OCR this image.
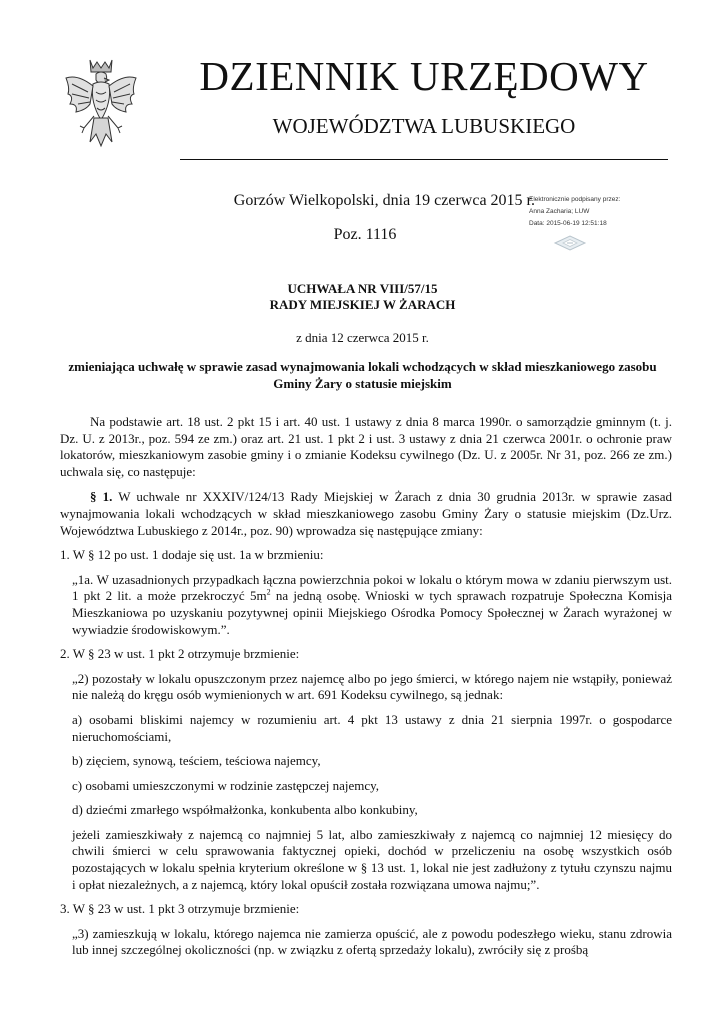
DZIENNIK URZĘDOWY
WOJEWÓDZTWA LUBUSKIEGO
Gorzów Wielkopolski, dnia 19 czerwca 2015 r.
Elektronicznie podpisany przez:
Anna Zacharia; LUW
Data: 2015-06-19 12:51:18
Poz. 1116
UCHWAŁA NR VIII/57/15
RADY MIEJSKIEJ W ŻARACH
z dnia 12 czerwca 2015 r.
zmieniająca uchwałę w sprawie zasad wynajmowania lokali wchodzących w skład mieszkaniowego zasobu
Gminy Żary o statusie miejskim

Na podstawie art. 18 ust. 2 pkt 15 i art. 40 ust. 1 ustawy z dnia 8 marca 1990r. o samorządzie gminnym (t. j. Dz. U. z 2013r., poz. 594 ze zm.) oraz art. 21 ust. 1 pkt 2 i ust. 3 ustawy z dnia 21 czerwca 2001r. o ochronie praw lokatorów, mieszkaniowym zasobie gminy i o zmianie Kodeksu cywilnego (Dz. U. z 2005r. Nr 31, poz. 266 ze zm.) uchwala się, co następuje:

§ 1. W uchwale nr XXXIV/124/13 Rady Miejskiej w Żarach z dnia 30 grudnia 2013r. w sprawie zasad wynajmowania lokali wchodzących w skład mieszkaniowego zasobu Gminy Żary o statusie miejskim (Dz.Urz. Województwa Lubuskiego z 2014r., poz. 90) wprowadza się następujące zmiany:

1. W § 12 po ust. 1 dodaje się ust. 1a w brzmieniu:

„1a. W uzasadnionych przypadkach łączna powierzchnia pokoi w lokalu o którym mowa w zdaniu pierwszym ust. 1 pkt 2 lit. a może przekroczyć $5m^2$ na jedną osobę. Wnioski w tych sprawach rozpatruje Społeczna Komisja Mieszkaniowa po uzyskaniu pozytywnej opinii Miejskiego Ośrodka Pomocy Społecznej w Żarach wyrażonej w wywiadzie środowiskowym.”.

2. W § 23 w ust. 1 pkt 2 otrzymuje brzmienie:

„2) pozostały w lokalu opuszczonym przez najemcę albo po jego śmierci, w którego najem nie wstąpiły, ponieważ nie należą do kręgu osób wymienionych w art. 691 Kodeksu cywilnego, są jednak:

a) osobami bliskimi najemcy w rozumieniu art. 4 pkt 13 ustawy z dnia 21 sierpnia 1997r. o gospodarce nieruchomościami,

b) zięciem, synową, teściem, teściowa najemcy,

c) osobami umieszczonymi w rodzinie zastępczej najemcy,

d) dziećmi zmarłego współmałżonka, konkubenta albo konkubiny,

jeżeli zamieszkiwały z najemcą co najmniej 5 lat, albo zamieszkiwały z najemcą co najmniej 12 miesięcy do chwili śmierci w celu sprawowania faktycznej opieki, dochód w przeliczeniu na osobę wszystkich osób pozostających w lokalu spełnia kryterium określone w § 13 ust. 1, lokal nie jest zadłużony z tytułu czynszu najmu i opłat niezależnych, a z najemcą, który lokal opuścił została rozwiązana umowa najmu;”.

3. W § 23 w ust. 1 pkt 3 otrzymuje brzmienie:

„3) zamieszkują w lokalu, którego najemca nie zamierza opuścić, ale z powodu podeszłego wieku, stanu zdrowia lub innej szczególnej okoliczności (np. w związku z ofertą sprzedaży lokalu), zwróciły się z prośbą
